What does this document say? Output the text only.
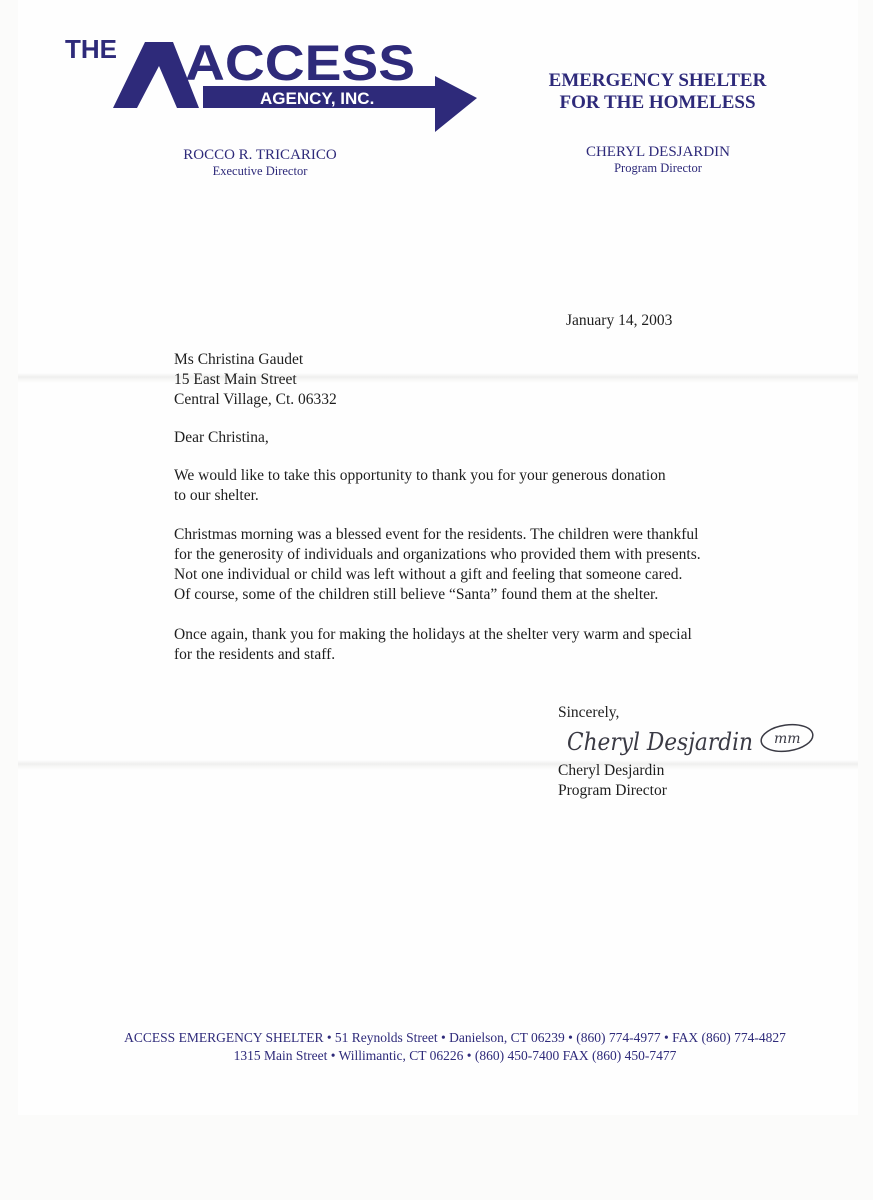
THE ACCESS
AGENCY, INC.
EMERGENCY SHELTER
FOR THE HOMELESS
ROCCO R. TRICARICO
Executive Director
CHERYL DESJARDIN
Program Director
January 14, 2003
Ms Christina Gaudet
15 East Main Street
Central Village, Ct. 06332
Dear Christina,
We would like to take this opportunity to thank you for your generous donation
to our shelter.
Christmas morning was a blessed event for the residents. The children were thankful
for the generosity of individuals and organizations who provided them with presents.
Not one individual or child was left without a gift and feeling that someone cared.
Of course, some of the children still believe “Santa” found them at the shelter.
Once again, thank you for making the holidays at the shelter very warm and special
for the residents and staff.
Sincerely,
Cheryl Desjardin mm
Cheryl Desjardin
Program Director
ACCESS EMERGENCY SHELTER • 51 Reynolds Street • Danielson, CT 06239 • (860) 774-4977 • FAX (860) 774-4827
1315 Main Street • Willimantic, CT 06226 • (860) 450-7400 FAX (860) 450-7477
